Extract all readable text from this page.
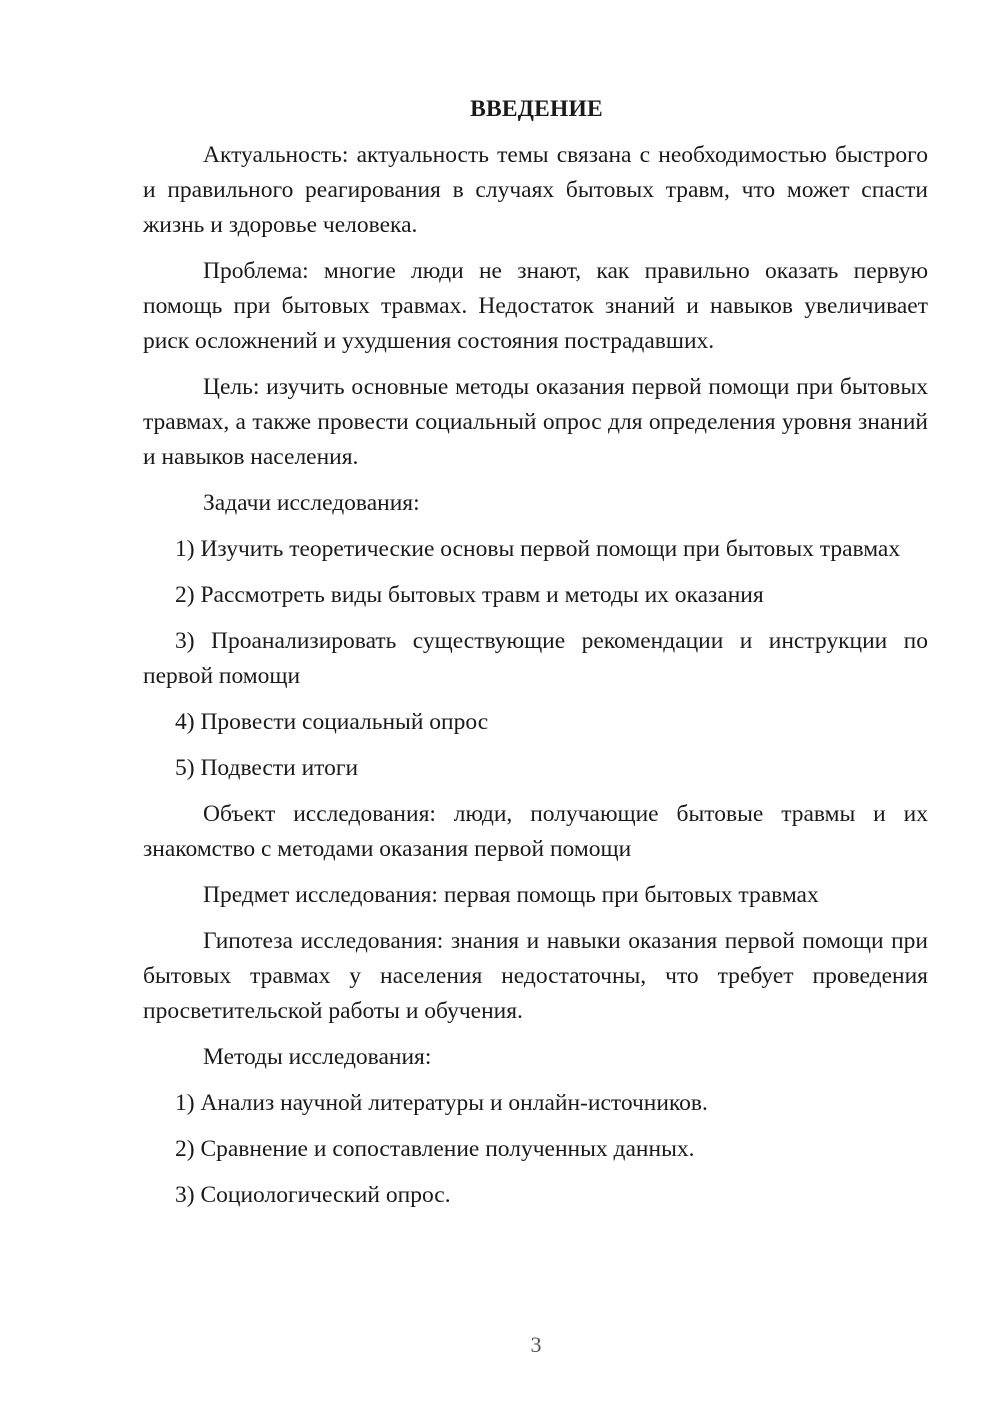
ВВЕДЕНИЕ

Актуальность: актуальность темы связана с необходимостью быстрого и правильного реагирования в случаях бытовых травм, что может спасти жизнь и здоровье человека.

Проблема: многие люди не знают, как правильно оказать первую помощь при бытовых травмах. Недостаток знаний и навыков увеличивает риск осложнений и ухудшения состояния пострадавших.

Цель: изучить основные методы оказания первой помощи при бытовых травмах, а также провести социальный опрос для определения уровня знаний и навыков населения.

Задачи исследования:

1) Изучить теоретические основы первой помощи при бытовых травмах

2) Рассмотреть виды бытовых травм и методы их оказания

3) Проанализировать существующие рекомендации и инструкции по первой помощи

4) Провести социальный опрос

5) Подвести итоги

Объект исследования: люди, получающие бытовые травмы и их знакомство с методами оказания первой помощи

Предмет исследования: первая помощь при бытовых травмах

Гипотеза исследования: знания и навыки оказания первой помощи при бытовых травмах у населения недостаточны, что требует проведения просветительской работы и обучения.

Методы исследования:

1) Анализ научной литературы и онлайн-источников.

2) Сравнение и сопоставление полученных данных.

3) Социологический опрос.

3
